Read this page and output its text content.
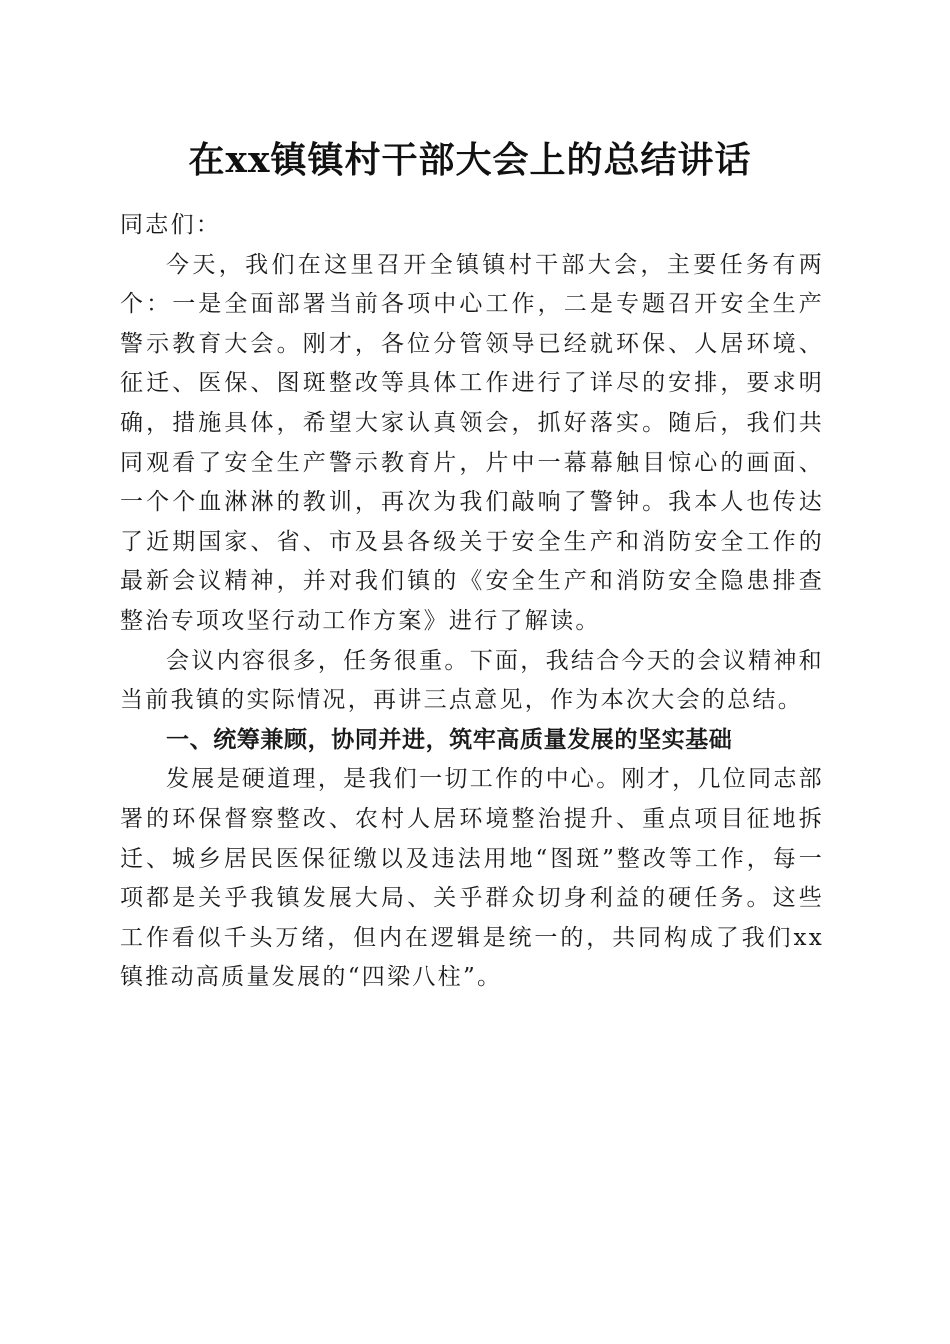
在xx镇镇村干部大会上的总结讲话

同志们：

今天，我们在这里召开全镇镇村干部大会，主要任务有两个：一是全面部署当前各项中心工作，二是专题召开安全生产警示教育大会。刚才，各位分管领导已经就环保、人居环境、征迁、医保、图斑整改等具体工作进行了详尽的安排，要求明确，措施具体，希望大家认真领会，抓好落实。随后，我们共同观看了安全生产警示教育片，片中一幕幕触目惊心的画面、一个个血淋淋的教训，再次为我们敲响了警钟。我本人也传达了近期国家、省、市及县各级关于安全生产和消防安全工作的最新会议精神，并对我们镇的《安全生产和消防安全隐患排查整治专项攻坚行动工作方案》进行了解读。

会议内容很多，任务很重。下面，我结合今天的会议精神和当前我镇的实际情况，再讲三点意见，作为本次大会的总结。

一、统筹兼顾，协同并进，筑牢高质量发展的坚实基础

发展是硬道理，是我们一切工作的中心。刚才，几位同志部署的环保督察整改、农村人居环境整治提升、重点项目征地拆迁、城乡居民医保征缴以及违法用地“图斑”整改等工作，每一项都是关乎我镇发展大局、关乎群众切身利益的硬任务。这些工作看似千头万绪，但内在逻辑是统一的，共同构成了我们xx镇推动高质量发展的“四梁八柱”。
